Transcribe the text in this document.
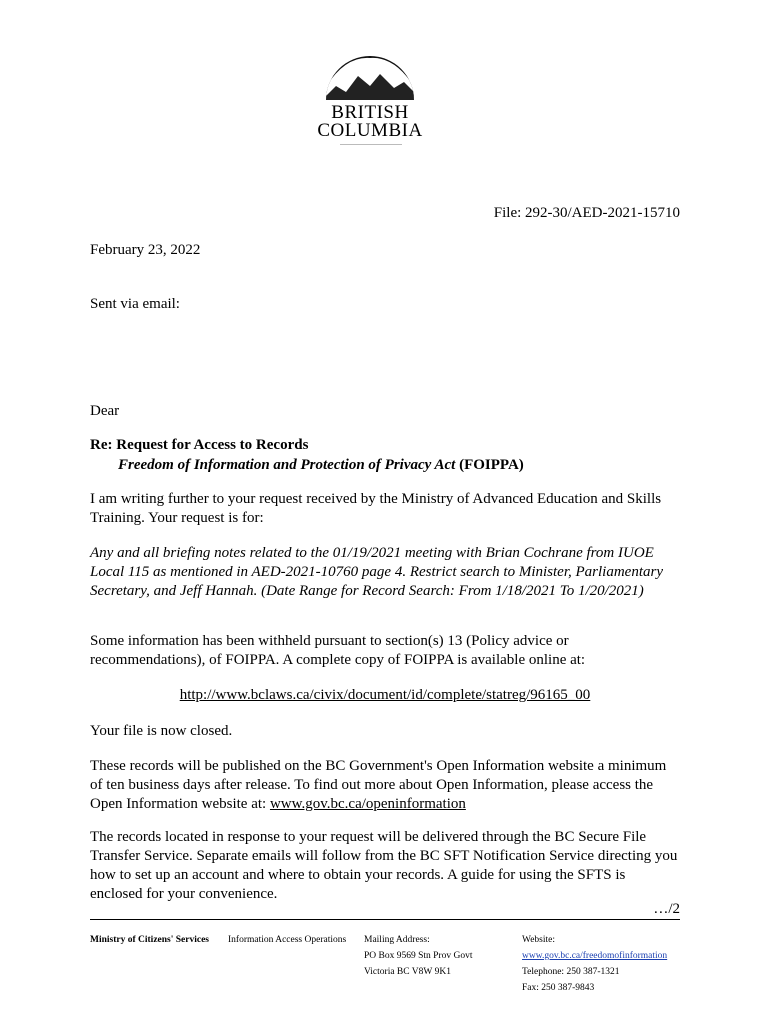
BRITISH
COLUMBIA
File: 292-30/AED-2021-15710
February 23, 2022
Sent via email:
Dear
Re: Request for Access to Records
Freedom of Information and Protection of Privacy Act (FOIPPA)
I am writing further to your request received by the Ministry of Advanced Education and Skills Training. Your request is for:
Any and all briefing notes related to the 01/19/2021 meeting with Brian Cochrane from IUOE Local 115 as mentioned in AED-2021-10760 page 4. Restrict search to Minister, Parliamentary Secretary, and Jeff Hannah. (Date Range for Record Search: From 1/18/2021 To 1/20/2021)
Some information has been withheld pursuant to section(s) 13 (Policy advice or recommendations), of FOIPPA. A complete copy of FOIPPA is available online at:
http://www.bclaws.ca/civix/document/id/complete/statreg/96165_00
Your file is now closed.
These records will be published on the BC Government's Open Information website a minimum of ten business days after release. To find out more about Open Information, please access the Open Information website at: www.gov.bc.ca/openinformation
The records located in response to your request will be delivered through the BC Secure File Transfer Service. Separate emails will follow from the BC SFT Notification Service directing you how to set up an account and where to obtain your records. A guide for using the SFTS is enclosed for your convenience.
…/2
Ministry of Citizens' Services Information Access Operations Mailing Address:
PO Box 9569 Stn Prov Govt
Victoria BC V8W 9K1
Website:
www.gov.bc.ca/freedomofinformation
Telephone: 250 387-1321
Fax: 250 387-9843
